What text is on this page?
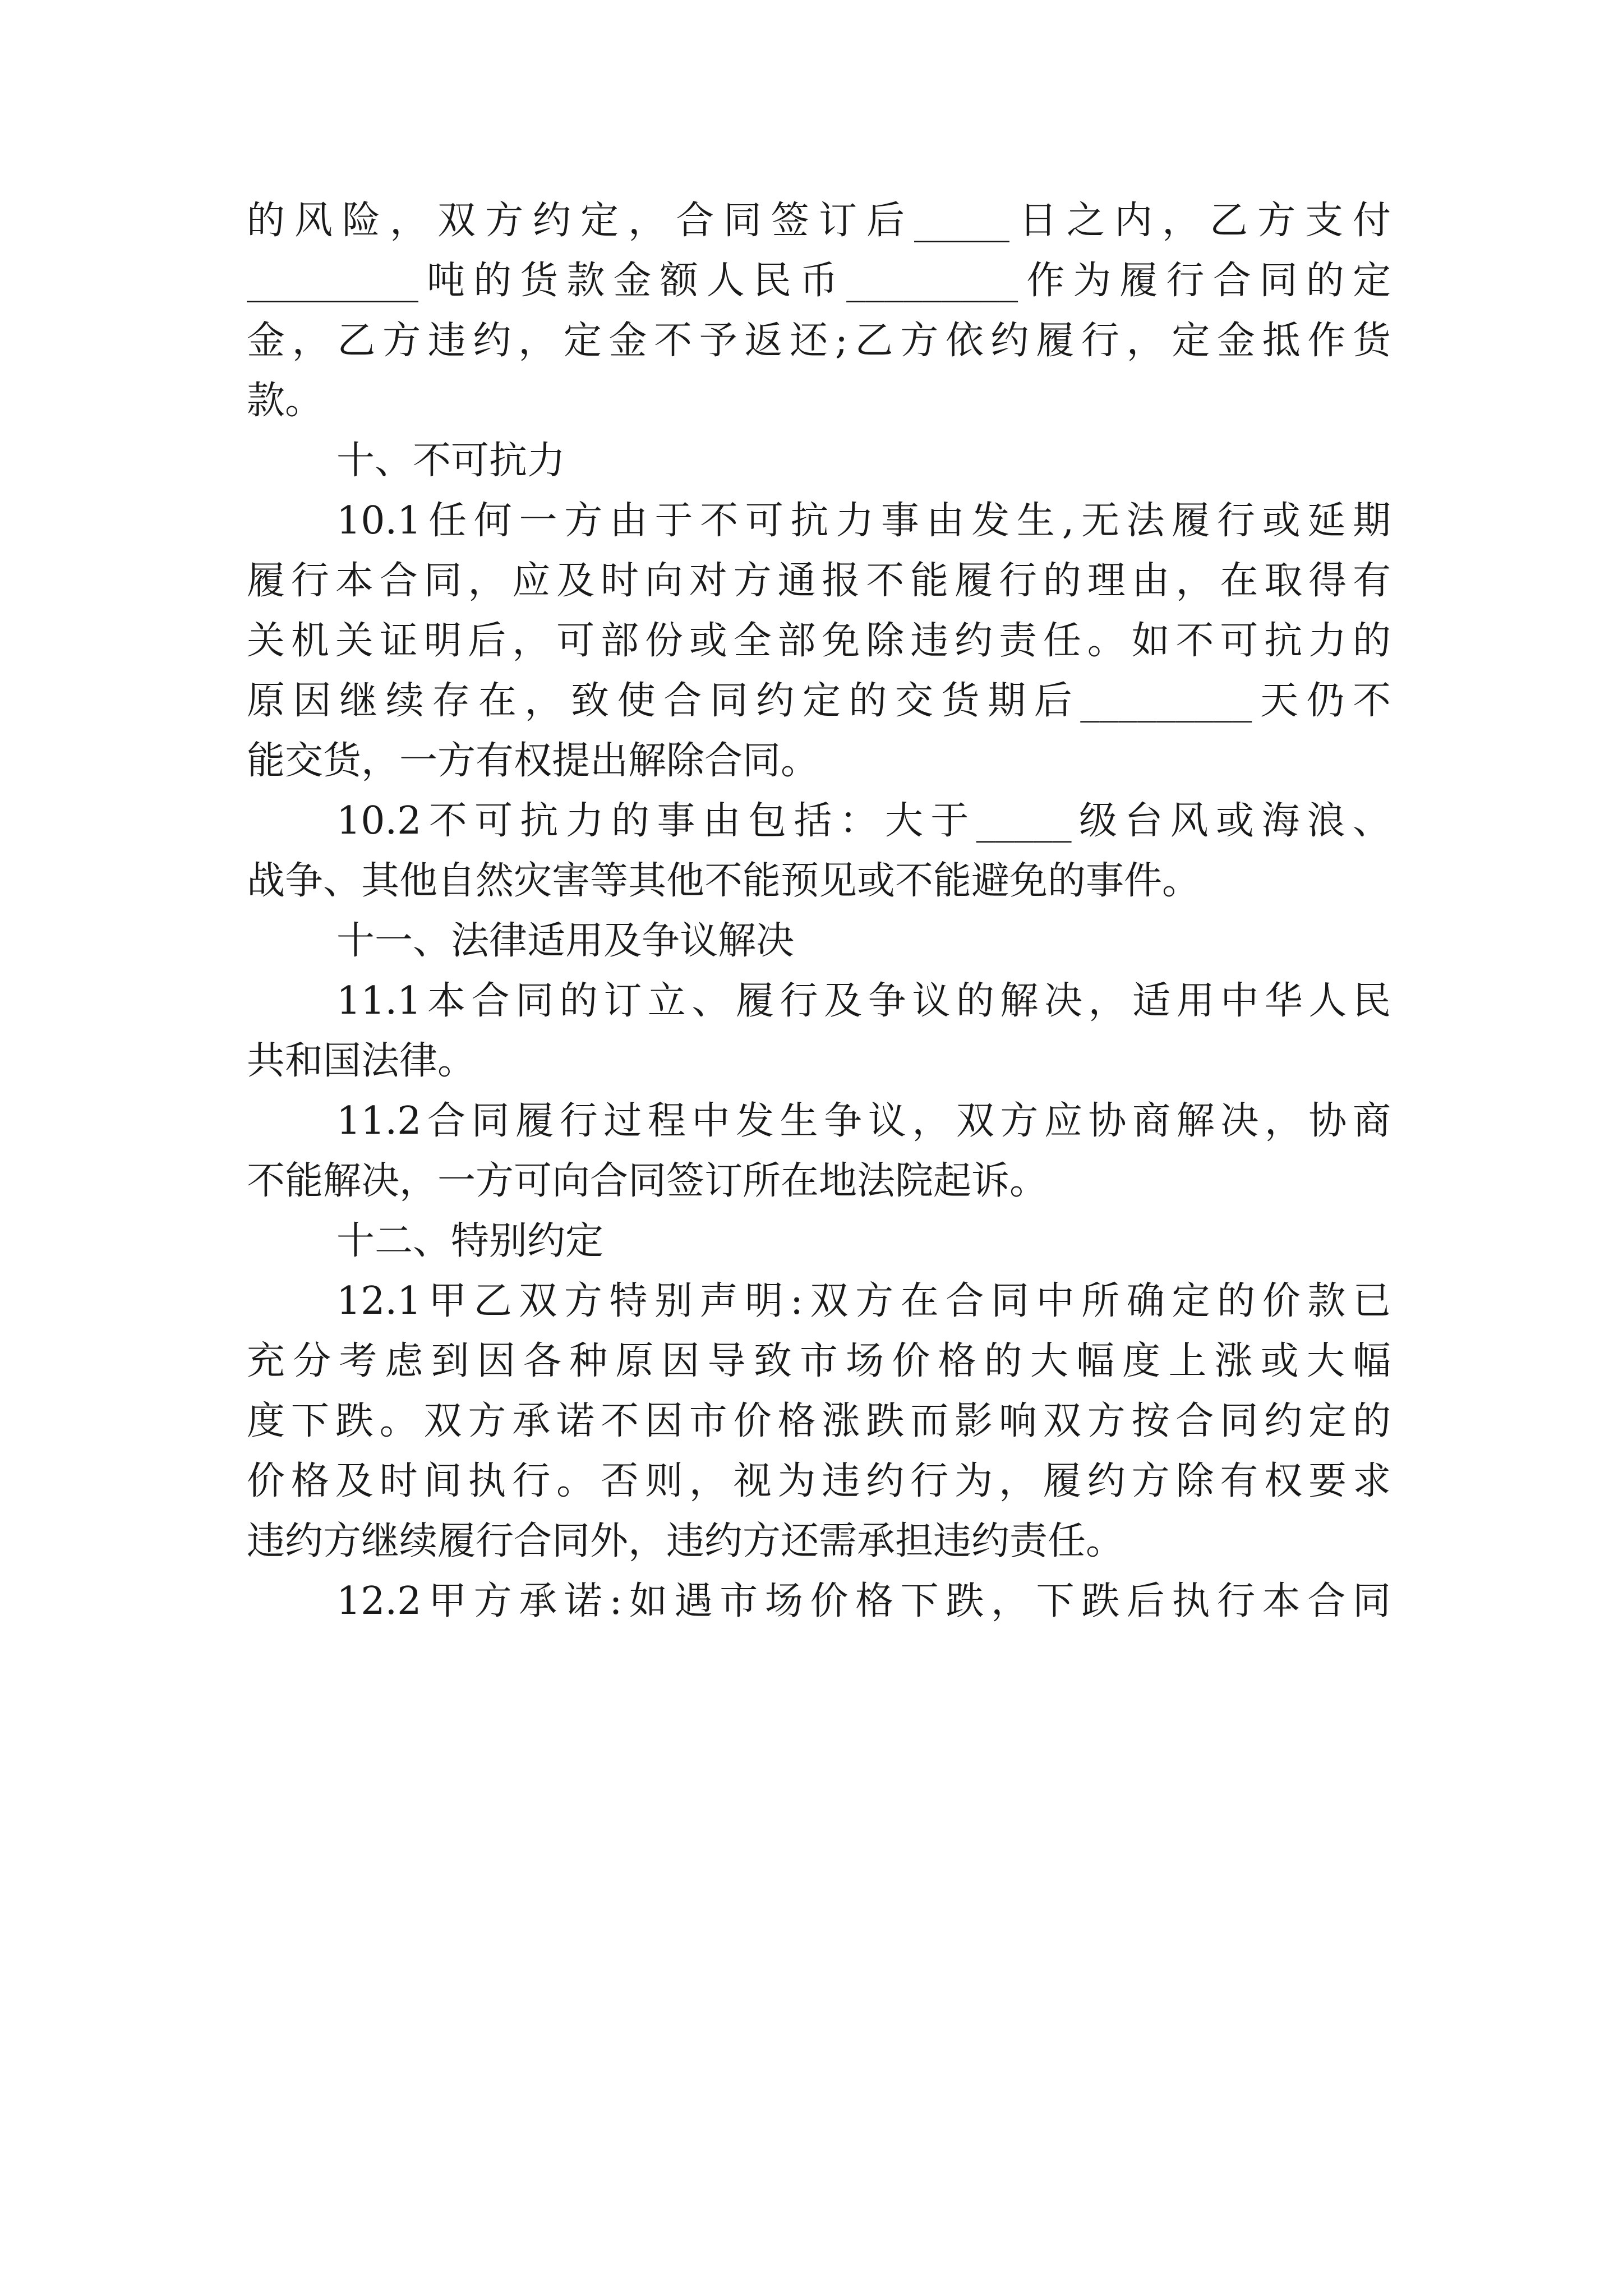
的风险，双方约定，合同签订后_____日之内，乙方支付

_________吨的货款金额人民币_________作为履行合同的定

金，乙方违约，定金不予返还;乙方依约履行，定金抵作货

款。

十、不可抗力

10.1任何一方由于不可抗力事由发生,无法履行或延期

履行本合同，应及时向对方通报不能履行的理由，在取得有

关机关证明后，可部份或全部免除违约责任。如不可抗力的

原因继续存在，致使合同约定的交货期后_________天仍不

能交货，一方有权提出解除合同。

10.2不可抗力的事由包括：大于_____级台风或海浪、

战争、其他自然灾害等其他不能预见或不能避免的事件。

十一、法律适用及争议解决

11.1本合同的订立、履行及争议的解决，适用中华人民

共和国法律。

11.2合同履行过程中发生争议，双方应协商解决，协商

不能解决，一方可向合同签订所在地法院起诉。

十二、特别约定

12.1甲乙双方特别声明:双方在合同中所确定的价款已

充分考虑到因各种原因导致市场价格的大幅度上涨或大幅

度下跌。双方承诺不因市价格涨跌而影响双方按合同约定的

价格及时间执行。否则，视为违约行为，履约方除有权要求

违约方继续履行合同外，违约方还需承担违约责任。

12.2甲方承诺:如遇市场价格下跌，下跌后执行本合同
